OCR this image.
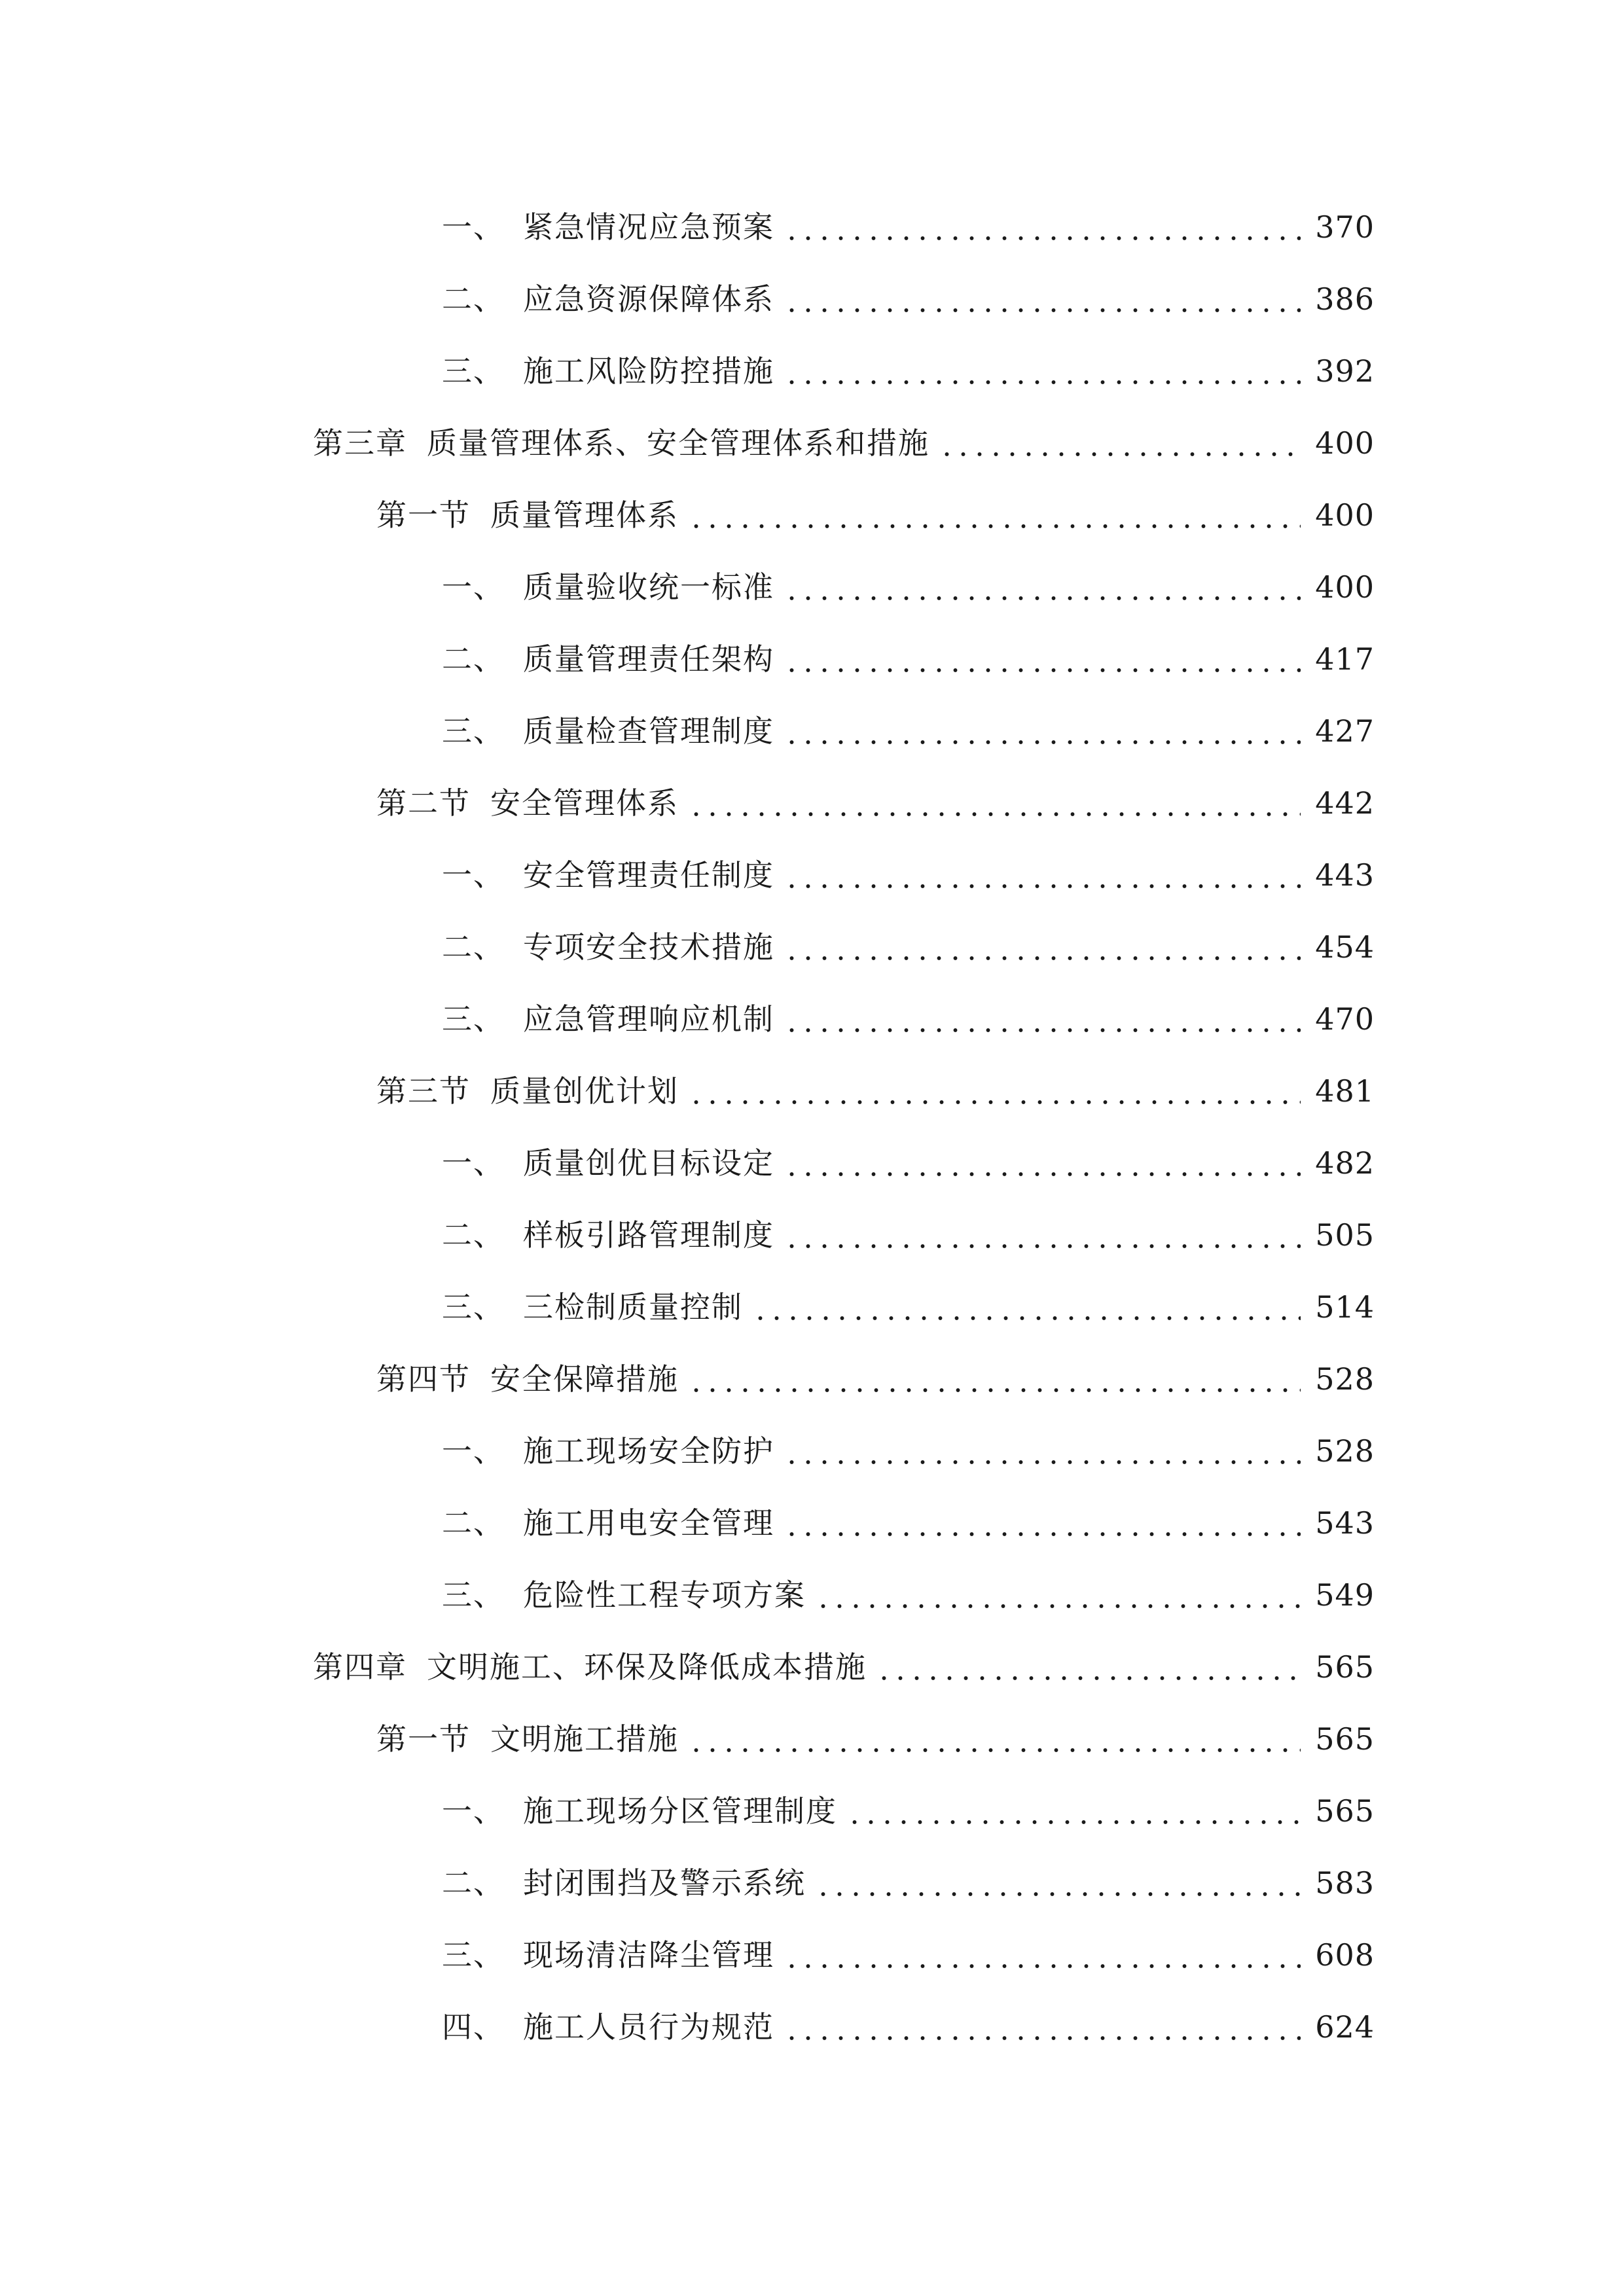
一、 紧急情况应急预案	370
二、 应急资源保障体系	386
三、 施工风险防控措施	392
第三章 质量管理体系、安全管理体系和措施	400
第一节 质量管理体系	400
一、 质量验收统一标准	400
二、 质量管理责任架构	417
三、 质量检查管理制度	427
第二节 安全管理体系	442
一、 安全管理责任制度	443
二、 专项安全技术措施	454
三、 应急管理响应机制	470
第三节 质量创优计划	481
一、 质量创优目标设定	482
二、 样板引路管理制度	505
三、 三检制质量控制	514
第四节 安全保障措施	528
一、 施工现场安全防护	528
二、 施工用电安全管理	543
三、 危险性工程专项方案	549
第四章 文明施工、环保及降低成本措施	565
第一节 文明施工措施	565
一、 施工现场分区管理制度	565
二、 封闭围挡及警示系统	583
三、 现场清洁降尘管理	608
四、 施工人员行为规范	624
